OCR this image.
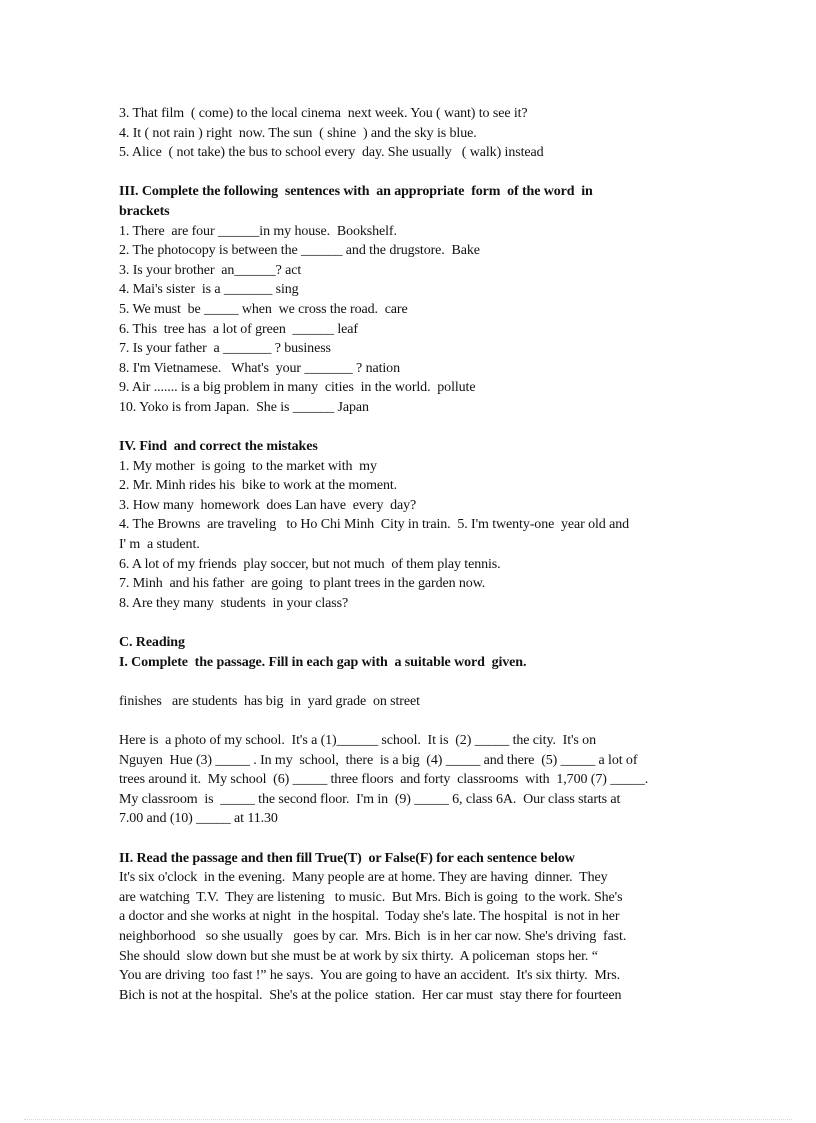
3. That film  ( come) to the local cinema  next week. You ( want) to see it?
4. It ( not rain ) right  now. The sun  ( shine  ) and the sky is blue.
5. Alice  ( not take) the bus to school every  day. She usually   ( walk) instead
III. Complete the following  sentences with  an appropriate  form  of the word  in
brackets
1. There  are four ______in my house.  Bookshelf.
2. The photocopy is between the ______ and the drugstore.  Bake
3. Is your brother  an______? act
4. Mai's sister  is a _______ sing
5. We must  be _____ when  we cross the road.  care
6. This  tree has  a lot of green  ______ leaf
7. Is your father  a _______ ? business
8. I'm Vietnamese.   What's  your _______ ? nation
9. Air ....... is a big problem in many  cities  in the world.  pollute
10. Yoko is from Japan.  She is ______ Japan
IV. Find  and correct the mistakes
1. My mother  is going  to the market with  my
2. Mr. Minh rides his  bike to work at the moment.
3. How many  homework  does Lan have  every  day?
4. The Browns  are traveling   to Ho Chi Minh  City in train.  5. I'm twenty-one  year old and
I' m  a student.
6. A lot of my friends  play soccer, but not much  of them play tennis.
7. Minh  and his father  are going  to plant trees in the garden now.
8. Are they many  students  in your class?
C. Reading
I. Complete  the passage. Fill in each gap with  a suitable word  given.
finishes   are students  has big  in  yard grade  on street
Here is  a photo of my school.  It's a (1)______ school.  It is  (2) _____ the city.  It's on
Nguyen  Hue (3) _____ . In my  school,  there  is a big  (4) _____ and there  (5) _____ a lot of
trees around it.  My school  (6) _____ three floors  and forty  classrooms  with  1,700 (7) _____.
My classroom  is  _____ the second floor.  I'm in  (9) _____ 6, class 6A.  Our class starts at
7.00 and (10) _____ at 11.30
II. Read the passage and then fill True(T)  or False(F) for each sentence below
It's six o'clock  in the evening.  Many people are at home. They are having  dinner.  They
are watching  T.V.  They are listening   to music.  But Mrs. Bich is going  to the work. She's
a doctor and she works at night  in the hospital.  Today she's late. The hospital  is not in her
neighborhood   so she usually   goes by car.  Mrs. Bich  is in her car now. She's driving  fast.
She should  slow down but she must be at work by six thirty.  A policeman  stops her. “
You are driving  too fast !” he says.  You are going to have an accident.  It's six thirty.  Mrs.
Bich is not at the hospital.  She's at the police  station.  Her car must  stay there for fourteen
